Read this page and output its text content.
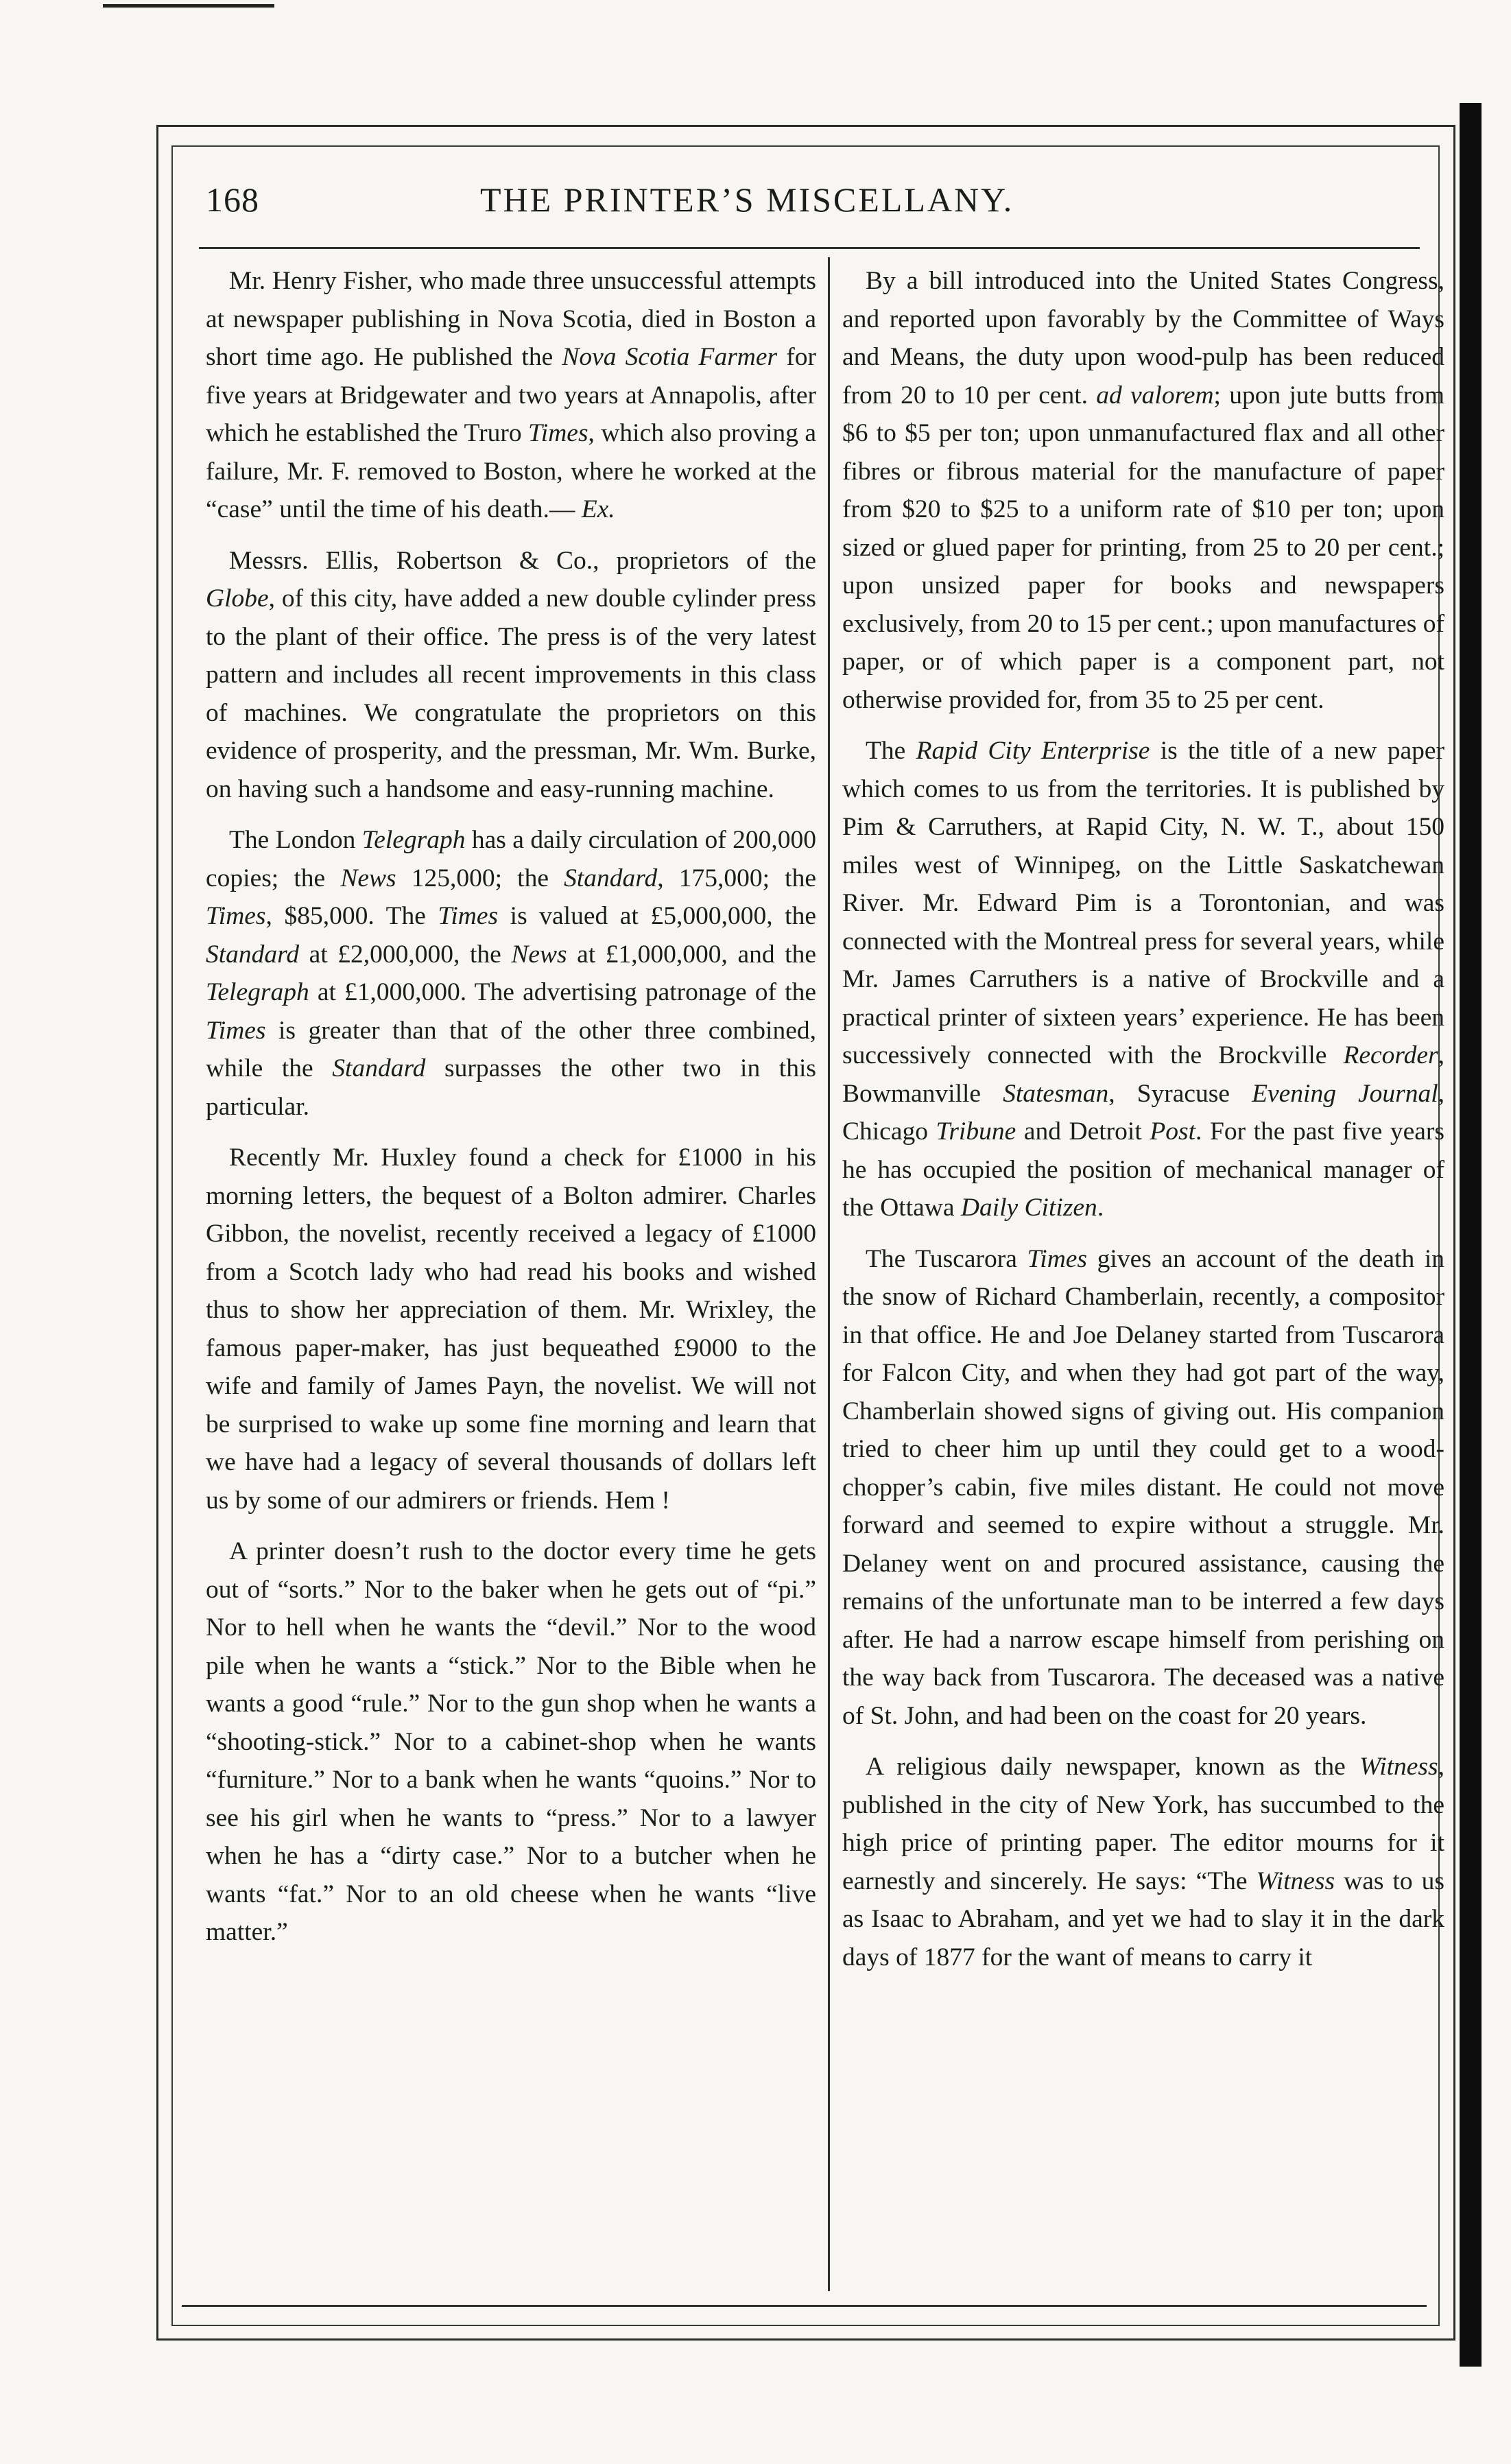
168	THE PRINTER’S MISCELLANY.

Mr. Henry Fisher, who made three unsuccessful attempts at newspaper publishing in Nova Scotia, died in Boston a short time ago. He published the Nova Scotia Farmer for five years at Bridgewater and two years at Annapolis, after which he established the Truro Times, which also proving a failure, Mr. F. removed to Boston, where he worked at the “case” until the time of his death.— Ex.

Messrs. Ellis, Robertson & Co., proprietors of the Globe, of this city, have added a new double cylinder press to the plant of their office. The press is of the very latest pattern and includes all recent improvements in this class of machines. We congratulate the proprietors on this evidence of prosperity, and the pressman, Mr. Wm. Burke, on having such a handsome and easy-running machine.

The London Telegraph has a daily circulation of 200,000 copies; the News 125,000; the Standard, 175,000; the Times, $85,000. The Times is valued at £5,000,000, the Standard at £2,000,000, the News at £1,000,000, and the Telegraph at £1,000,000. The advertising patronage of the Times is greater than that of the other three combined, while the Standard surpasses the other two in this particular.

Recently Mr. Huxley found a check for £1000 in his morning letters, the bequest of a Bolton admirer. Charles Gibbon, the novelist, recently received a legacy of £1000 from a Scotch lady who had read his books and wished thus to show her appreciation of them. Mr. Wrixley, the famous paper-maker, has just bequeathed £9000 to the wife and family of James Payn, the novelist. We will not be surprised to wake up some fine morning and learn that we have had a legacy of several thousands of dollars left us by some of our admirers or friends. Hem !

A printer doesn’t rush to the doctor every time he gets out of “sorts.” Nor to the baker when he gets out of “pi.” Nor to hell when he wants the “devil.” Nor to the wood pile when he wants a “stick.” Nor to the Bible when he wants a good “rule.” Nor to the gun shop when he wants a “shooting-stick.” Nor to a cabinet-shop when he wants “furniture.” Nor to a bank when he wants “quoins.” Nor to see his girl when he wants to “press.” Nor to a lawyer when he has a “dirty case.” Nor to a butcher when he wants “fat.” Nor to an old cheese when he wants “live matter.”

By a bill introduced into the United States Congress, and reported upon favorably by the Committee of Ways and Means, the duty upon wood-pulp has been reduced from 20 to 10 per cent. ad valorem; upon jute butts from $6 to $5 per ton; upon unmanufactured flax and all other fibres or fibrous material for the manufacture of paper from $20 to $25 to a uniform rate of $10 per ton; upon sized or glued paper for printing, from 25 to 20 per cent.; upon unsized paper for books and newspapers exclusively, from 20 to 15 per cent.; upon manufactures of paper, or of which paper is a component part, not otherwise provided for, from 35 to 25 per cent.

The Rapid City Enterprise is the title of a new paper which comes to us from the territories. It is published by Pim & Carruthers, at Rapid City, N. W. T., about 150 miles west of Winnipeg, on the Little Saskatchewan River. Mr. Edward Pim is a Torontonian, and was connected with the Montreal press for several years, while Mr. James Carruthers is a native of Brockville and a practical printer of sixteen years’ experience. He has been successively connected with the Brockville Recorder, Bowmanville Statesman, Syracuse Evening Journal, Chicago Tribune and Detroit Post. For the past five years he has occupied the position of mechanical manager of the Ottawa Daily Citizen.

The Tuscarora Times gives an account of the death in the snow of Richard Chamberlain, recently, a compositor in that office. He and Joe Delaney started from Tuscarora for Falcon City, and when they had got part of the way, Chamberlain showed signs of giving out. His companion tried to cheer him up until they could get to a wood-chopper’s cabin, five miles distant. He could not move forward and seemed to expire without a struggle. Mr. Delaney went on and procured assistance, causing the remains of the unfortunate man to be interred a few days after. He had a narrow escape himself from perishing on the way back from Tuscarora. The deceased was a native of St. John, and had been on the coast for 20 years.

A religious daily newspaper, known as the Witness, published in the city of New York, has succumbed to the high price of printing paper. The editor mourns for it earnestly and sincerely. He says: “The Witness was to us as Isaac to Abraham, and yet we had to slay it in the dark days of 1877 for the want of means to carry it
